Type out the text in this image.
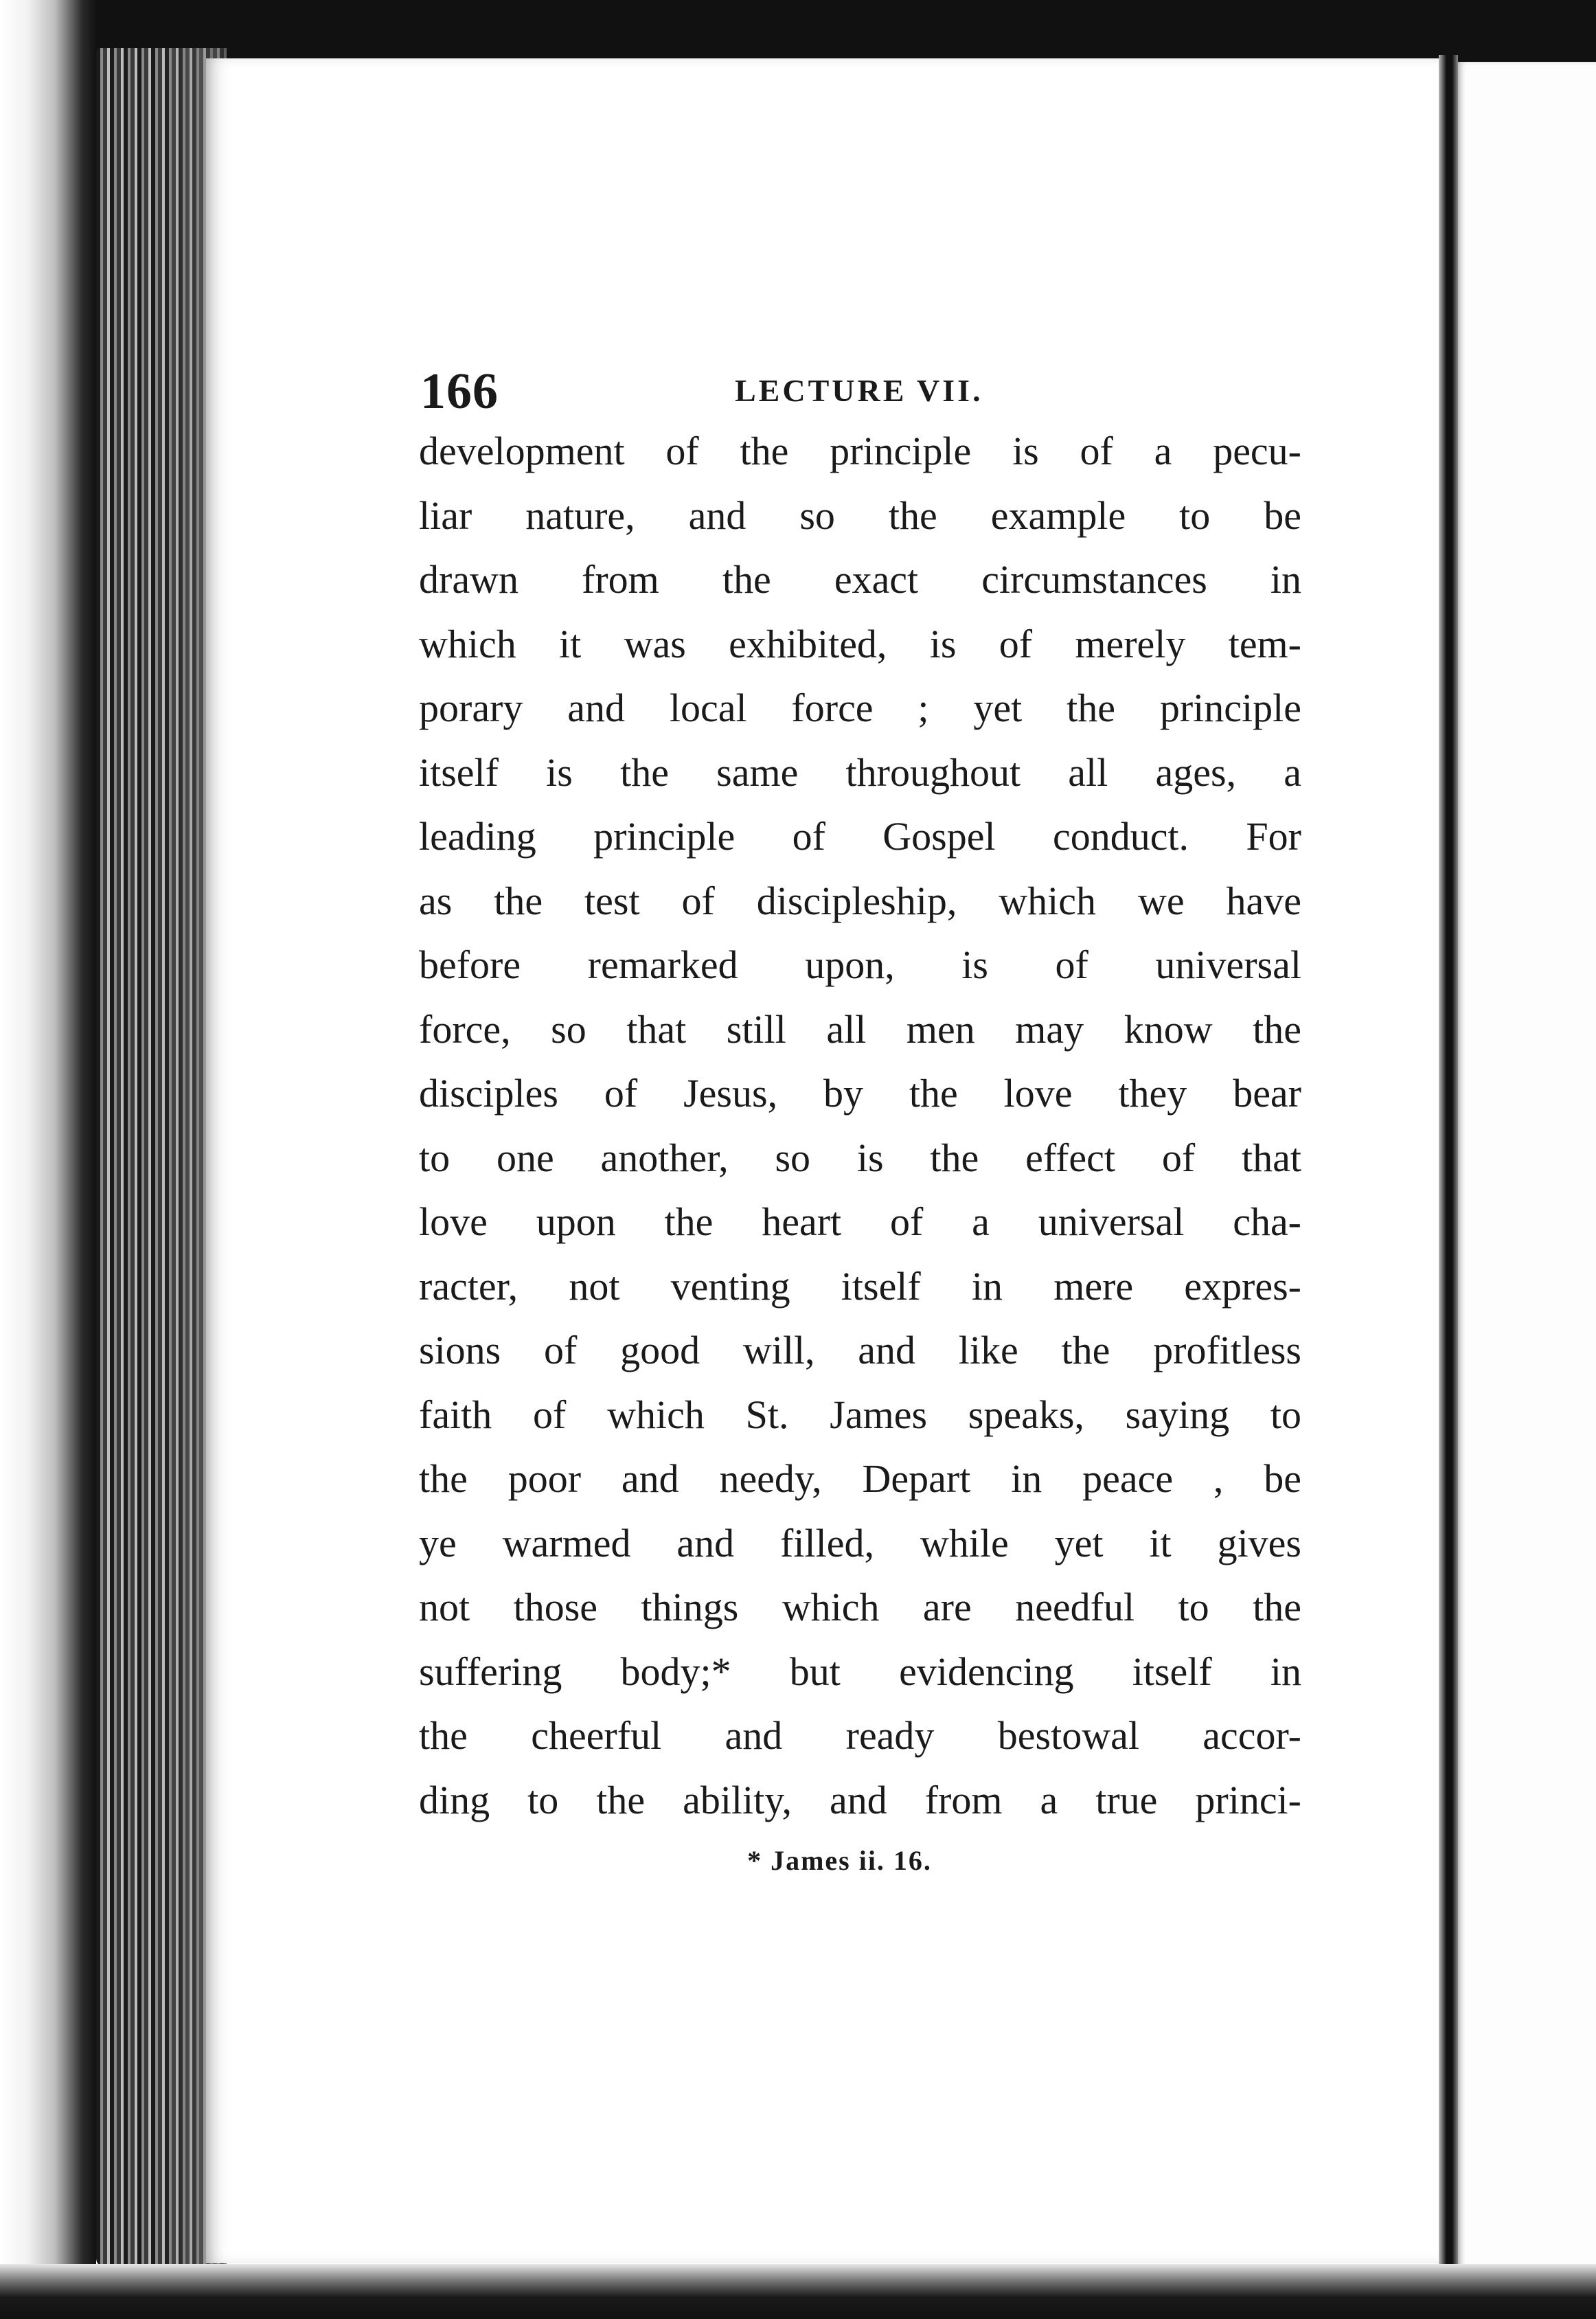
166	LECTURE VII.
development of the principle is of a pecu-
liar nature, and so the example to be
drawn from the exact circumstances in
which it was exhibited, is of merely tem-
porary and local force ; yet the principle
itself is the same throughout all ages, a
leading principle of Gospel conduct. For
as the test of discipleship, which we have
before remarked upon, is of universal
force, so that still all men may know the
disciples of Jesus, by the love they bear
to one another, so is the effect of that
love upon the heart of a universal cha-
racter, not venting itself in mere expres-
sions of good will, and like the profitless
faith of which St. James speaks, saying to
the poor and needy, Depart in peace , be
ye warmed and filled, while yet it gives
not those things which are needful to the
suffering body;* but evidencing itself in
the cheerful and ready bestowal accor-
ding to the ability, and from a true princi-
* James ii. 16.
